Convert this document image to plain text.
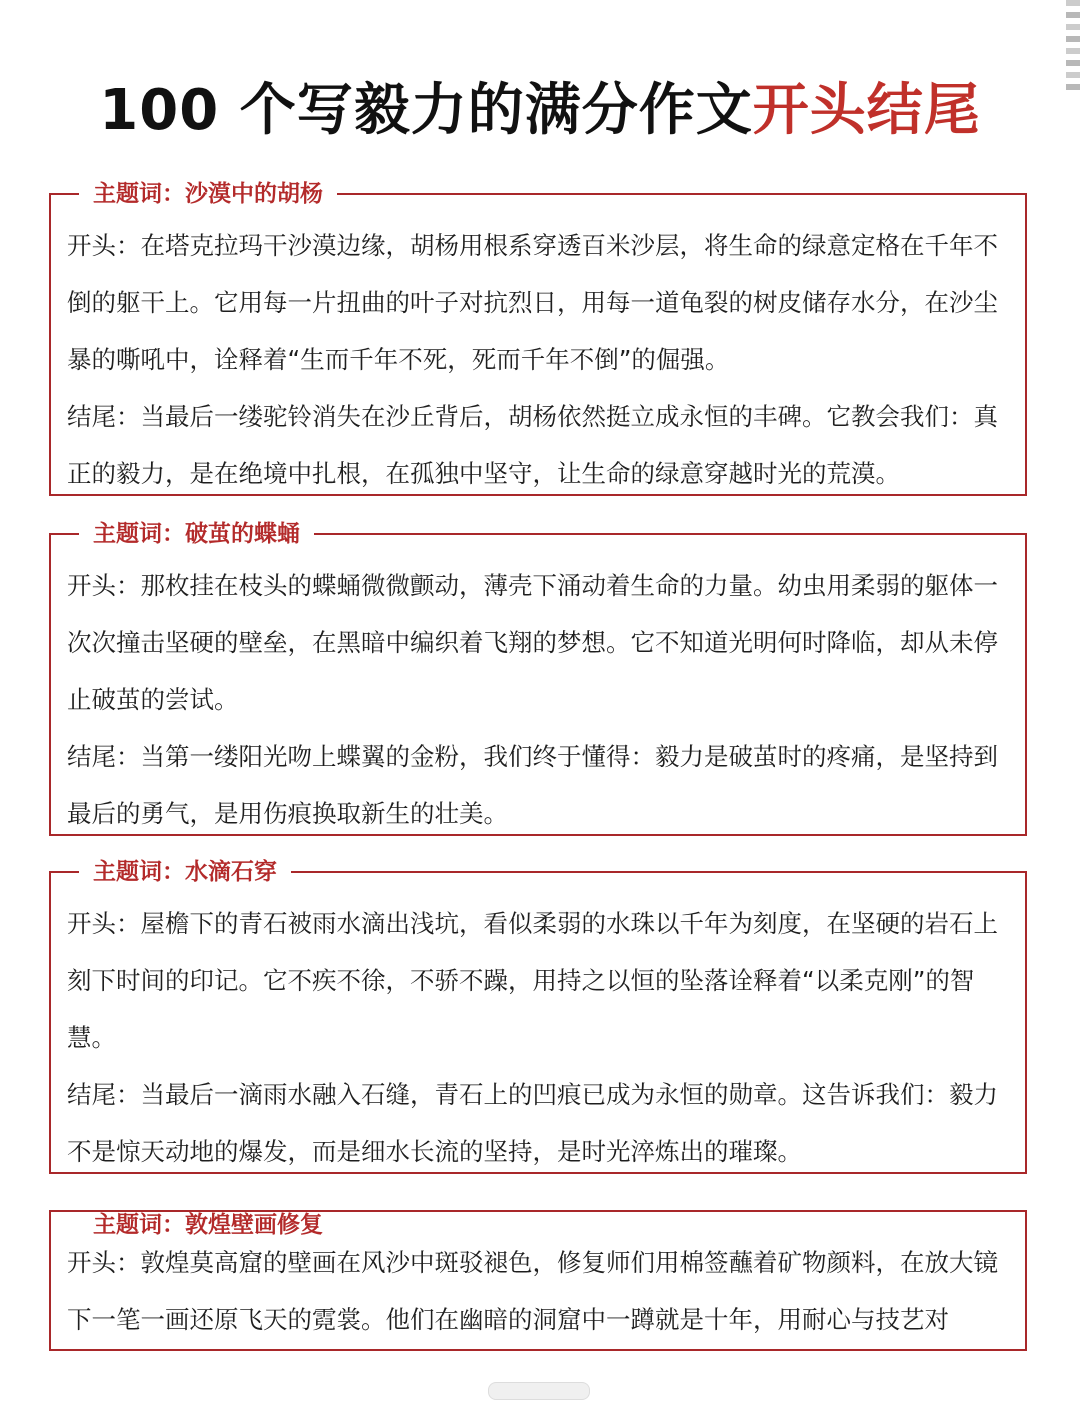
100 个写毅力的满分作文开头结尾
主题词：沙漠中的胡杨
开头：在塔克拉玛干沙漠边缘，胡杨用根系穿透百米沙层，将生命的绿意定格在千年不倒的躯干上。它用每一片扭曲的叶子对抗烈日，用每一道龟裂的树皮储存水分，在沙尘暴的嘶吼中，诠释着“生而千年不死，死而千年不倒”的倔强。
结尾：当最后一缕驼铃消失在沙丘背后，胡杨依然挺立成永恒的丰碑。它教会我们：真正的毅力，是在绝境中扎根，在孤独中坚守，让生命的绿意穿越时光的荒漠。
主题词：破茧的蝶蛹
开头：那枚挂在枝头的蝶蛹微微颤动，薄壳下涌动着生命的力量。幼虫用柔弱的躯体一次次撞击坚硬的壁垒，在黑暗中编织着飞翔的梦想。它不知道光明何时降临，却从未停止破茧的尝试。
结尾：当第一缕阳光吻上蝶翼的金粉，我们终于懂得：毅力是破茧时的疼痛，是坚持到最后的勇气，是用伤痕换取新生的壮美。
主题词：水滴石穿
开头：屋檐下的青石被雨水滴出浅坑，看似柔弱的水珠以千年为刻度，在坚硬的岩石上刻下时间的印记。它不疾不徐，不骄不躁，用持之以恒的坠落诠释着“以柔克刚”的智慧。
结尾：当最后一滴雨水融入石缝，青石上的凹痕已成为永恒的勋章。这告诉我们：毅力不是惊天动地的爆发，而是细水长流的坚持，是时光淬炼出的璀璨。
主题词：敦煌壁画修复
开头：敦煌莫高窟的壁画在风沙中斑驳褪色，修复师们用棉签蘸着矿物颜料，在放大镜下一笔一画还原飞天的霓裳。他们在幽暗的洞窟中一蹲就是十年，用耐心与技艺对
